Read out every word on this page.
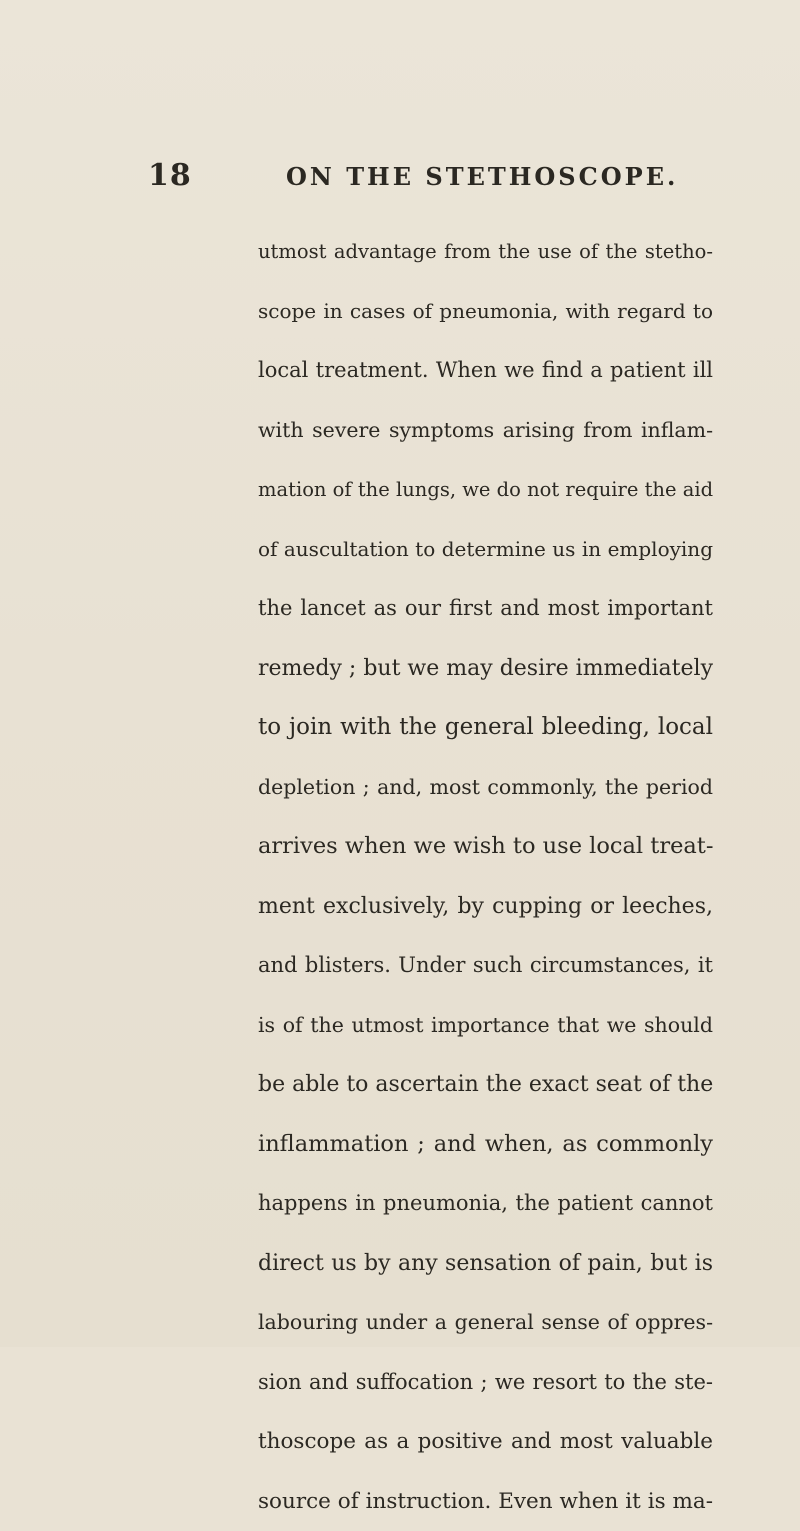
18	ON THE STETHOSCOPE.
utmost advantage from the use of the stetho-
scope in cases of pneumonia, with regard to
local treatment. When we find a patient ill
with severe symptoms arising from inflam-
mation of the lungs, we do not require the aid
of auscultation to determine us in employing
the lancet as our first and most important
remedy ; but we may desire immediately
to join with the general bleeding, local
depletion ; and, most commonly, the period
arrives when we wish to use local treat-
ment exclusively, by cupping or leeches,
and blisters. Under such circumstances, it
is of the utmost importance that we should
be able to ascertain the exact seat of the
inflammation ; and when, as commonly
happens in pneumonia, the patient cannot
direct us by any sensation of pain, but is
labouring under a general sense of oppres-
sion and suffocation ; we resort to the ste-
thoscope as a positive and most valuable
source of instruction. Even when it is ma-
